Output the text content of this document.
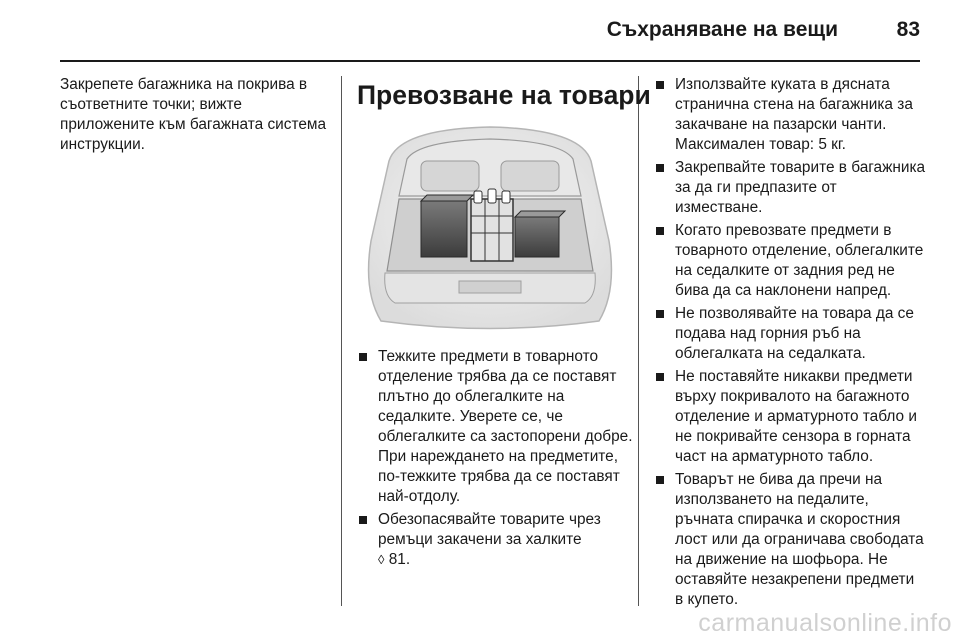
Съхраняване на вещи	83
Закрепете багажника на покрива в съответните точки; вижте приложените към багажната система инструкции.
Превозване на товари
Тежките предмети в товарното отделение трябва да се поставят плътно до облегалките на седалките. Уверете се, че облегалките са застопорени добре. При нареждането на предметите, по-тежките трябва да се поставят най-отдолу.
Обезопасявайте товарите чрез ремъци закачени за халките
◊ 81.
Използвайте куката в дясната странична стена на багажника за закачване на пазарски чанти. Максимален товар: 5 кг.
Закрепвайте товарите в багажника за да ги предпазите от изместване.
Когато превозвате предмети в товарното отделение, облегалките на седалките от задния ред не бива да са наклонени напред.
Не позволявайте на товара да се подава над горния ръб на облегалката на седалката.
Не поставяйте никакви предмети върху покривалото на багажното отделение и арматурното табло и не покривайте сензора в горната част на арматурното табло.
Товарът не бива да пречи на използването на педалите, ръчната спирачка и скоростния лост или да ограничава свободата на движение на шофьора. Не оставяйте незакрепени предмети в купето.
carmanualsonline.info
